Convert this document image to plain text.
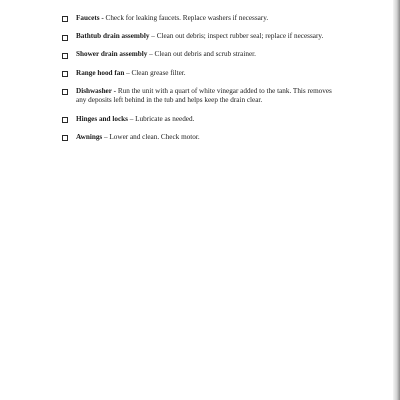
Faucets - Check for leaking faucets. Replace washers if necessary.
Bathtub drain assembly – Clean out debris; inspect rubber seal; replace if necessary.
Shower drain assembly – Clean out debris and scrub strainer.
Range hood fan – Clean grease filter.
Dishwasher - Run the unit with a quart of white vinegar added to the tank. This removes any deposits left behind in the tub and helps keep the drain clear.
Hinges and locks – Lubricate as needed.
Awnings – Lower and clean. Check motor.
